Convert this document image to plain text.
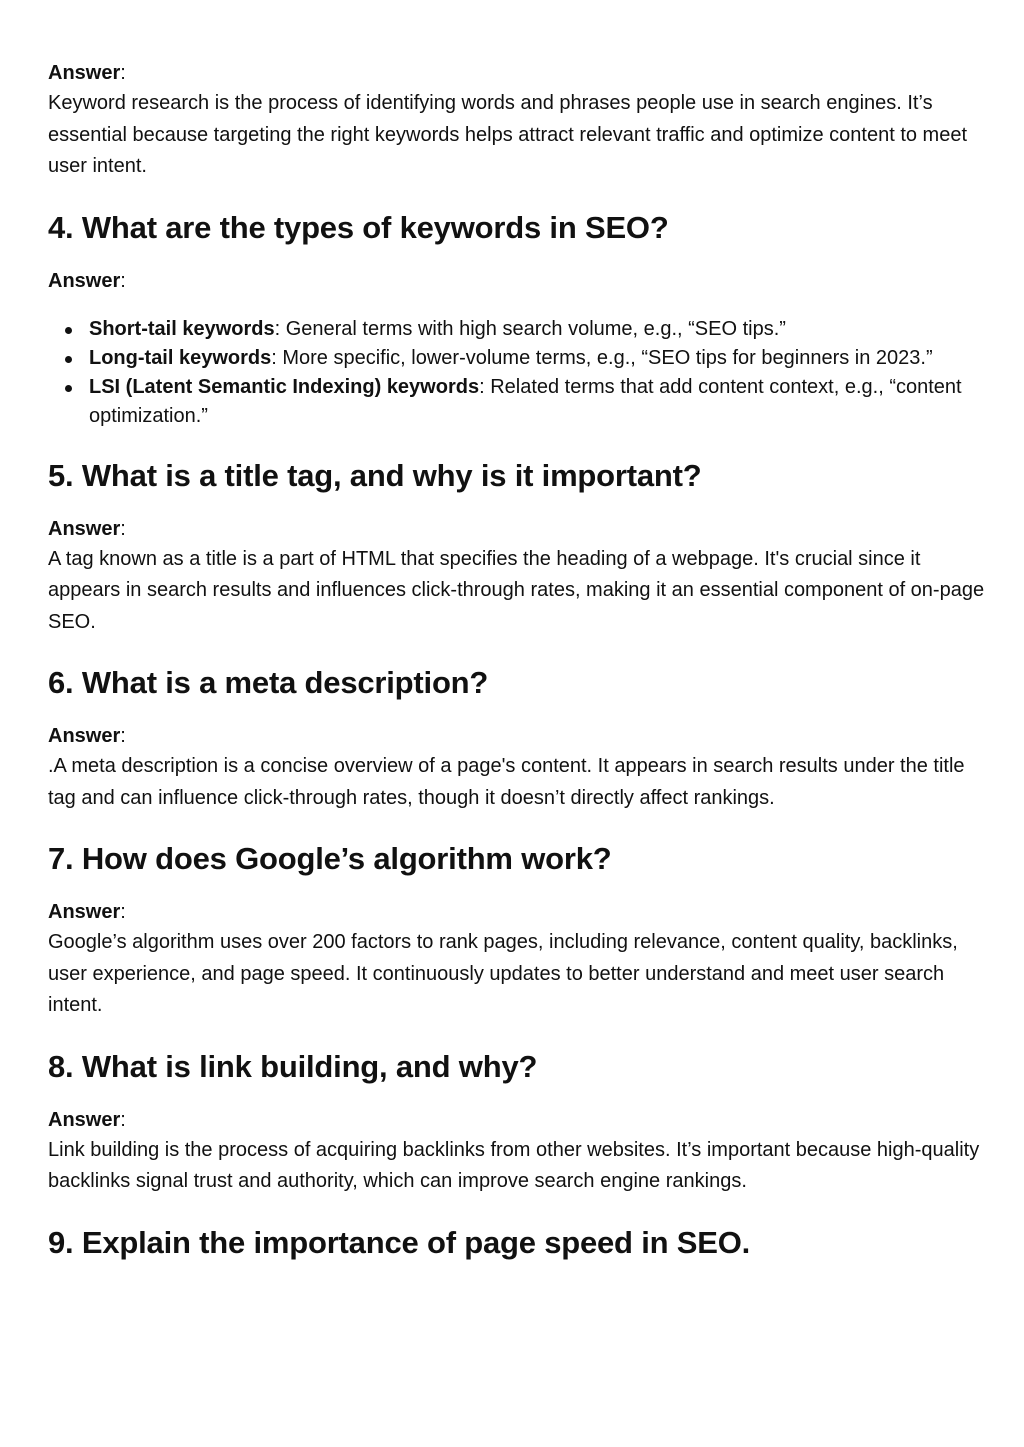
Answer:

Keyword research is the process of identifying words and phrases people use in search engines. It’s essential because targeting the right keywords helps attract relevant traffic and optimize content to meet user intent.

4. What are the types of keywords in SEO?

Answer:

Short-tail keywords: General terms with high search volume, e.g., “SEO tips.”
Long-tail keywords: More specific, lower-volume terms, e.g., “SEO tips for beginners in 2023.”
LSI (Latent Semantic Indexing) keywords: Related terms that add content context, e.g., “content optimization.”
5. What is a title tag, and why is it important?

Answer:

A tag known as a title is a part of HTML that specifies the heading of a webpage. It's crucial since it appears in search results and influences click-through rates, making it an essential component of on-page SEO.

6. What is a meta description?

Answer:

.A meta description is a concise overview of a page's content. It appears in search results under the title tag and can influence click-through rates, though it doesn’t directly affect rankings.

7. How does Google’s algorithm work?

Answer:

Google’s algorithm uses over 200 factors to rank pages, including relevance, content quality, backlinks, user experience, and page speed. It continuously updates to better understand and meet user search intent.

8. What is link building, and why?

Answer:

Link building is the process of acquiring backlinks from other websites. It’s important because high-quality backlinks signal trust and authority, which can improve search engine rankings.

9. Explain the importance of page speed in SEO.
